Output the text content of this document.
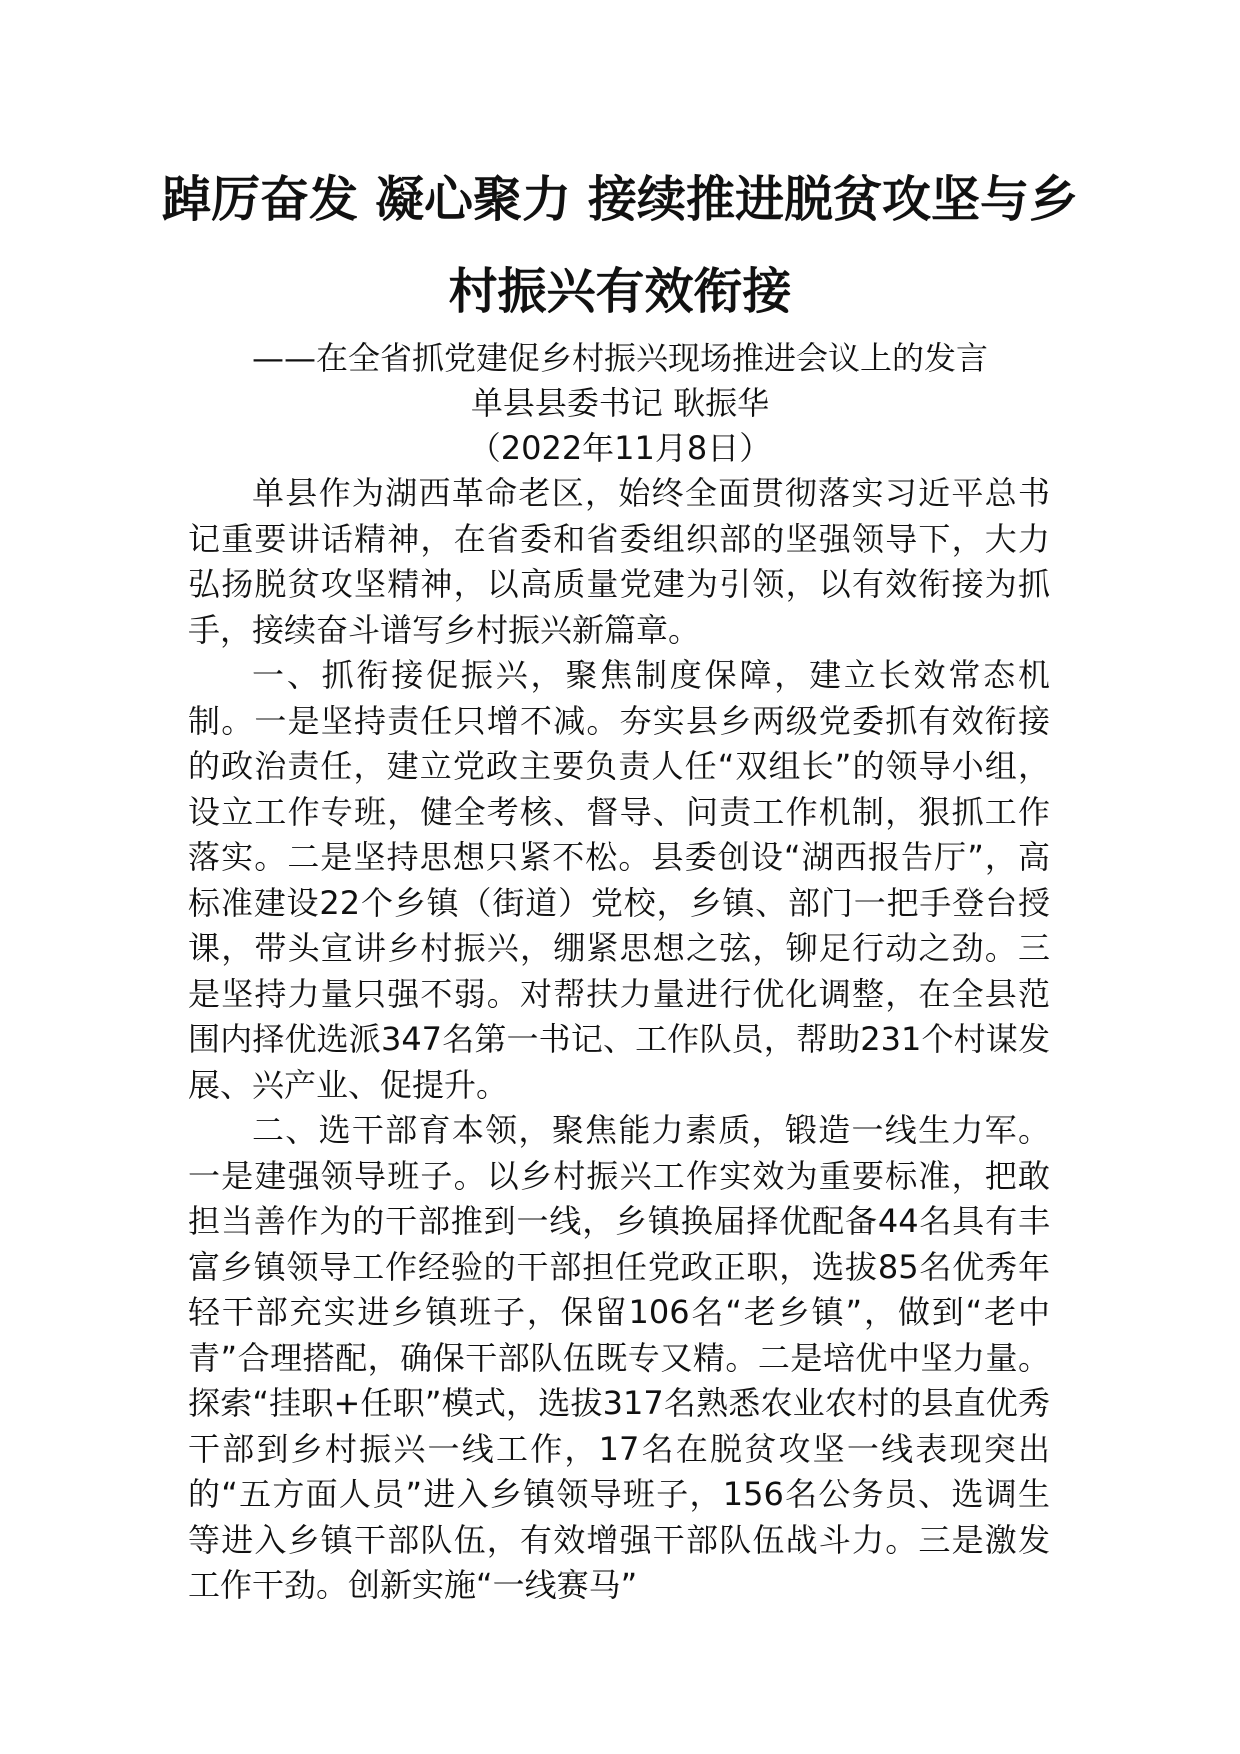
踔厉奋发 凝心聚力 接续推进脱贫攻坚与乡
村振兴有效衔接
——在全省抓党建促乡村振兴现场推进会议上的发言
单县县委书记 耿振华
（2022年11月8日）

单县作为湖西革命老区，始终全面贯彻落实习近平总书记重要讲话精神，在省委和省委组织部的坚强领导下，大力弘扬脱贫攻坚精神，以高质量党建为引领，以有效衔接为抓手，接续奋斗谱写乡村振兴新篇章。

一、抓衔接促振兴，聚焦制度保障，建立长效常态机制。一是坚持责任只增不减。夯实县乡两级党委抓有效衔接的政治责任，建立党政主要负责人任“双组长”的领导小组，设立工作专班，健全考核、督导、问责工作机制，狠抓工作落实。二是坚持思想只紧不松。县委创设“湖西报告厅”，高标准建设22个乡镇（街道）党校，乡镇、部门一把手登台授课，带头宣讲乡村振兴，绷紧思想之弦，铆足行动之劲。三是坚持力量只强不弱。对帮扶力量进行优化调整，在全县范围内择优选派347名第一书记、工作队员，帮助231个村谋发展、兴产业、促提升。

二、选干部育本领，聚焦能力素质，锻造一线生力军。一是建强领导班子。以乡村振兴工作实效为重要标准，把敢担当善作为的干部推到一线，乡镇换届择优配备44名具有丰富乡镇领导工作经验的干部担任党政正职，选拔85名优秀年轻干部充实进乡镇班子，保留106名“老乡镇”，做到“老中青”合理搭配，确保干部队伍既专又精。二是培优中坚力量。探索“挂职+任职”模式，选拔317名熟悉农业农村的县直优秀干部到乡村振兴一线工作，17名在脱贫攻坚一线表现突出的“五方面人员”进入乡镇领导班子，156名公务员、选调生等进入乡镇干部队伍，有效增强干部队伍战斗力。三是激发工作干劲。创新实施“一线赛马”
